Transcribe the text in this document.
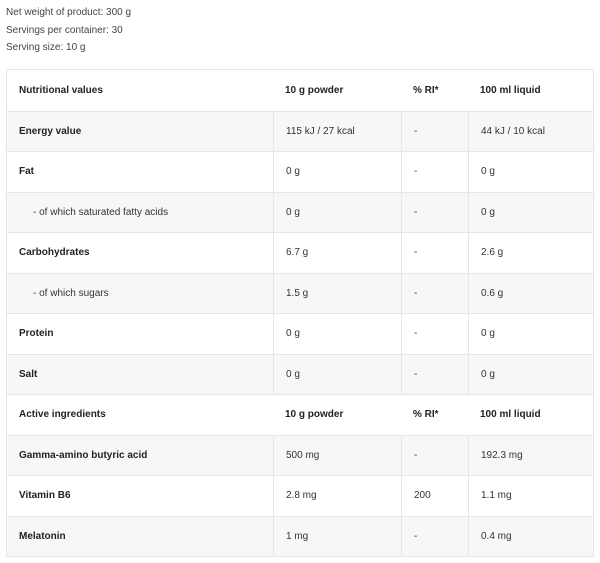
Net weight of product: 300 g
Servings per container: 30
Serving size: 10 g
Nutritional values	10 g powder	% RI*	100 ml liquid
Energy value	115 kJ / 27 kcal	-	44 kJ / 10 kcal
Fat	0 g	-	0 g
- of which saturated fatty acids	0 g	-	0 g
Carbohydrates	6.7 g	-	2.6 g
- of which sugars	1.5 g	-	0.6 g
Protein	0 g	-	0 g
Salt	0 g	-	0 g
Active ingredients	10 g powder	% RI*	100 ml liquid
Gamma-amino butyric acid	500 mg	-	192.3 mg
Vitamin B6	2.8 mg	200	1.1 mg
Melatonin	1 mg	-	0.4 mg
